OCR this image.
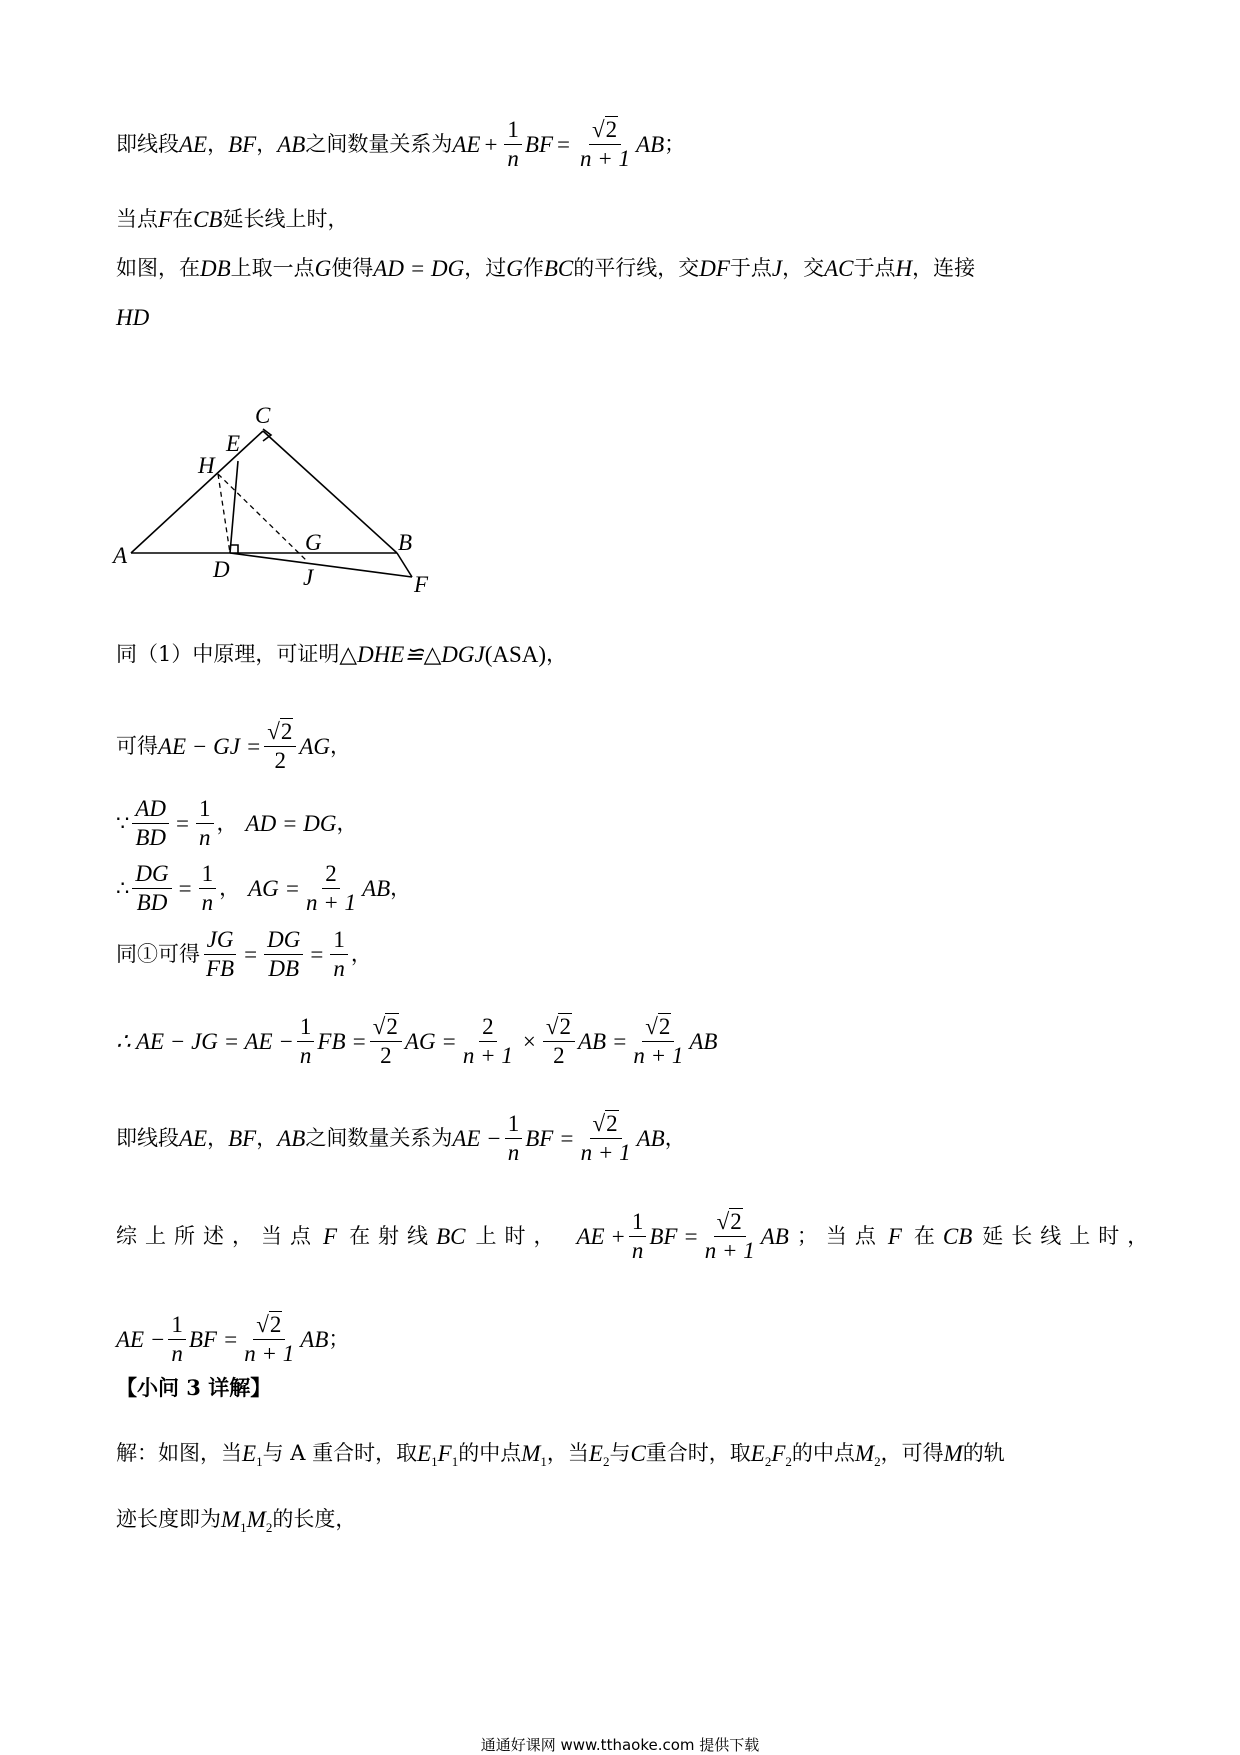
即线段 AE ， BF ， AB 之间数量关系为 AE + $\frac{1}{n}$ BF = $\frac{√2}{n + 1}$ AB ；
当点 F 在 CB 延长线上时，
如图，在 DB 上取一点 G 使得 AD = DG ，过 G 作 BC 的平行线，交 DF 于点 J ，交 AC 于点 H ，连接
HD
C
E
H
A
D
G	B
J	F
同（1）中原理，可证明 △DHE≌△DGJ (ASA) ，
可得 AE − GJ = $\frac{√2}{2}$ AG ，
∵ $\frac{AD}{BD} = \frac{1}{n}$ ， AD = DG ，
∴ $\frac{DG}{BD} = \frac{1}{n}$ ， AG = $\frac{2}{n + 1}$ AB ，
同①可得 $\frac{JG}{FB} = \frac{DG}{DB} = \frac{1}{n}$ ，
∴ AE − JG = AE − $\frac{1}{n}$ FB = $\frac{√2}{2}$ AG = $\frac{2}{n + 1} \times \frac{√2}{2}$ AB = $\frac{√2}{n + 1}$ AB
即线段 AE ， BF ， AB 之间数量关系为 AE − $\frac{1}{n}$ BF = $\frac{√2}{n + 1}$ AB ，
综上所述，当点 F 在射线 BC 上时， AE + $\frac{1}{n}$ BF = $\frac{√2}{n + 1}$ AB ；当点 F 在 CB 延长线上时，
AE − $\frac{1}{n}$ BF = $\frac{√2}{n + 1}$ AB ；
【小问 3 详解】
解：如图，当 $E_1$ 与 A 重合时，取 $E_1F_1$ 的中点 $M_1$ ，当 $E_2$ 与 C 重合时，取 $E_2F_2$ 的中点 $M_2$ ，可得 M 的轨
迹长度即为 $M_1M_2$ 的长度，
通通好课网 www.tthaoke.com 提供下载
